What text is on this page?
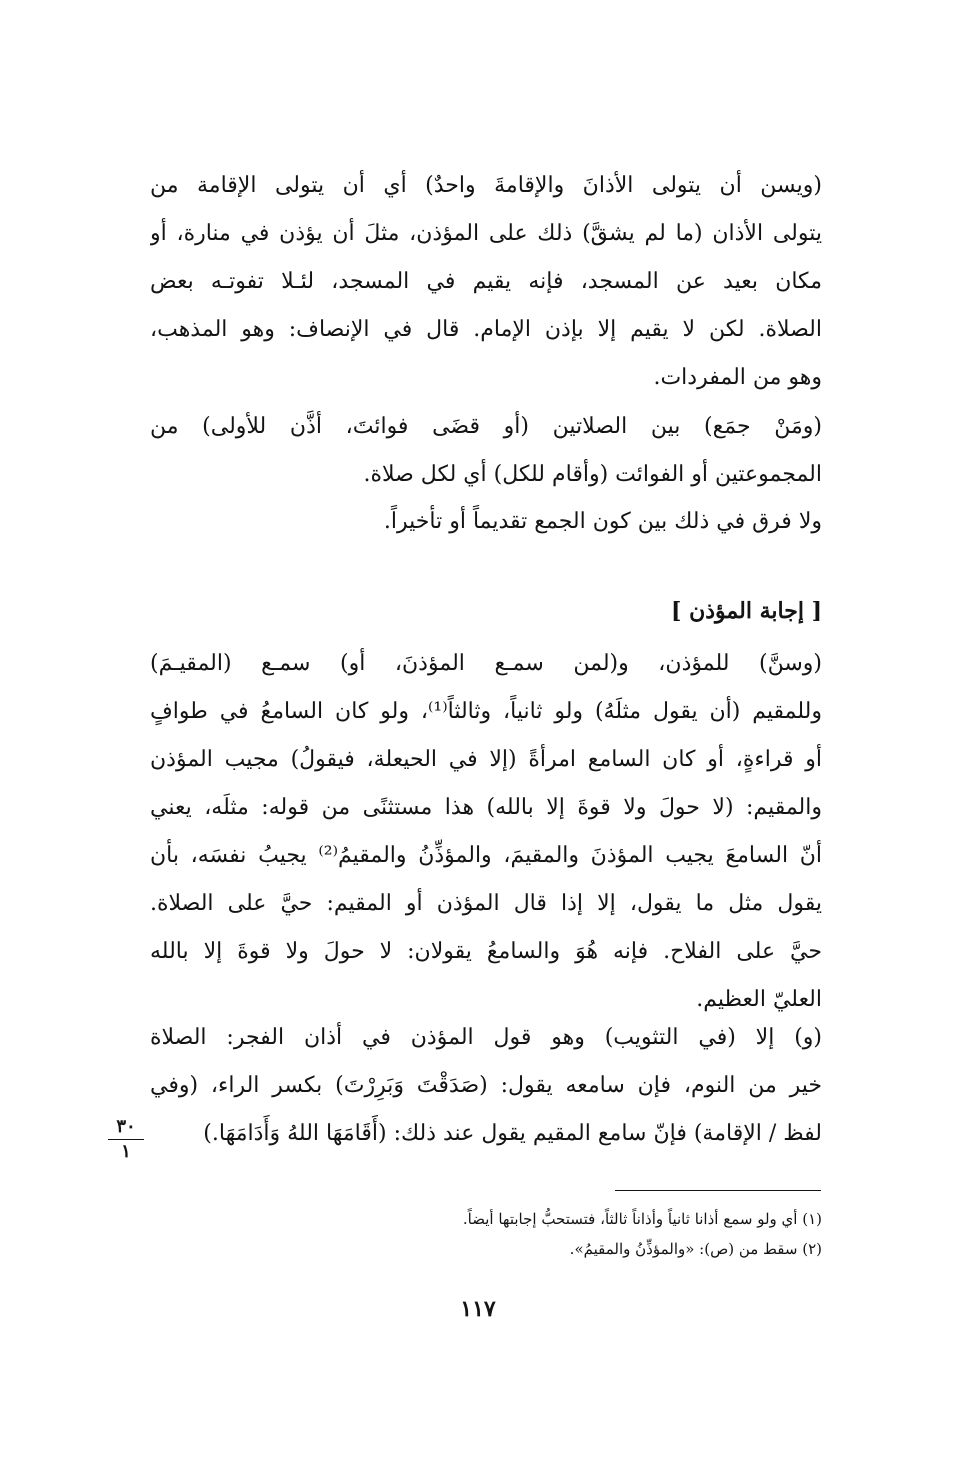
(ويسن أن يتولى الأذانَ والإقامةَ واحدٌ) أي أن يتولى الإقامة من
يتولى الأذان (ما لم يشقَّ) ذلك على المؤذن، مثلَ أن يؤذن في منارة، أو
مكان بعيد عن المسجد، فإنه يقيم في المسجد، لئـلا تفوتـه بعض
الصلاة. لكن لا يقيم إلا بإذن الإمام. قال في الإنصاف: وهو المذهب،
وهو من المفردات.
(ومَنْ جمَع) بين الصلاتين (أو قضَى فوائتَ، أذَّن للأولى) من
المجموعتين أو الفوائت (وأقام للكل) أي لكل صلاة.
ولا فرق في ذلك بين كون الجمع تقديماً أو تأخيراً.
[ إجابة المؤذن ]
(وسنَّ) للمؤذن، و(لمن سمـع المؤذنَ، أو) سمـع (المقيـمَ)
وللمقيم (أن يقول مثلَهُ) ولو ثانياً، وثالثاً⁽¹⁾، ولو كان السامعُ في طوافٍ
أو قراءةٍ، أو كان السامع امرأةً (إلا في الحيعلة، فيقولُ) مجيب المؤذن
والمقيم: (لا حولَ ولا قوةَ إلا بالله) هذا مستثنًى من قوله: مثلَه، يعني
أنّ السامعَ يجيب المؤذنَ والمقيمَ، والمؤذِّنُ والمقيمُ⁽²⁾ يجيبُ نفسَه، بأن
يقول مثل ما يقول، إلا إذا قال المؤذن أو المقيم: حيَّ على الصلاة.
حيَّ على الفلاح. فإنه هُوَ والسامعُ يقولان: لا حولَ ولا قوةَ إلا بالله
العليّ العظيم.
(و) إلا (في التثويب) وهو قول المؤذن في أذان الفجر: الصلاة
خير من النوم، فإن سامعه يقول: (صَدَقْتَ وَبَرِرْتَ) بكسر الراء، (وفي
لفظ / الإقامة) فإنّ سامع المقيم يقول عند ذلك: (أَقَامَهَا اللهُ وَأَدَامَهَا.)
٣٠
١
(١) أي ولو سمع أذانا ثانياً وأذاناً ثالثاً، فتستحبُّ إجابتها أيضاً.
(٢) سقط من (ص): «والمؤذِّنُ والمقيمُ».
١١٧
